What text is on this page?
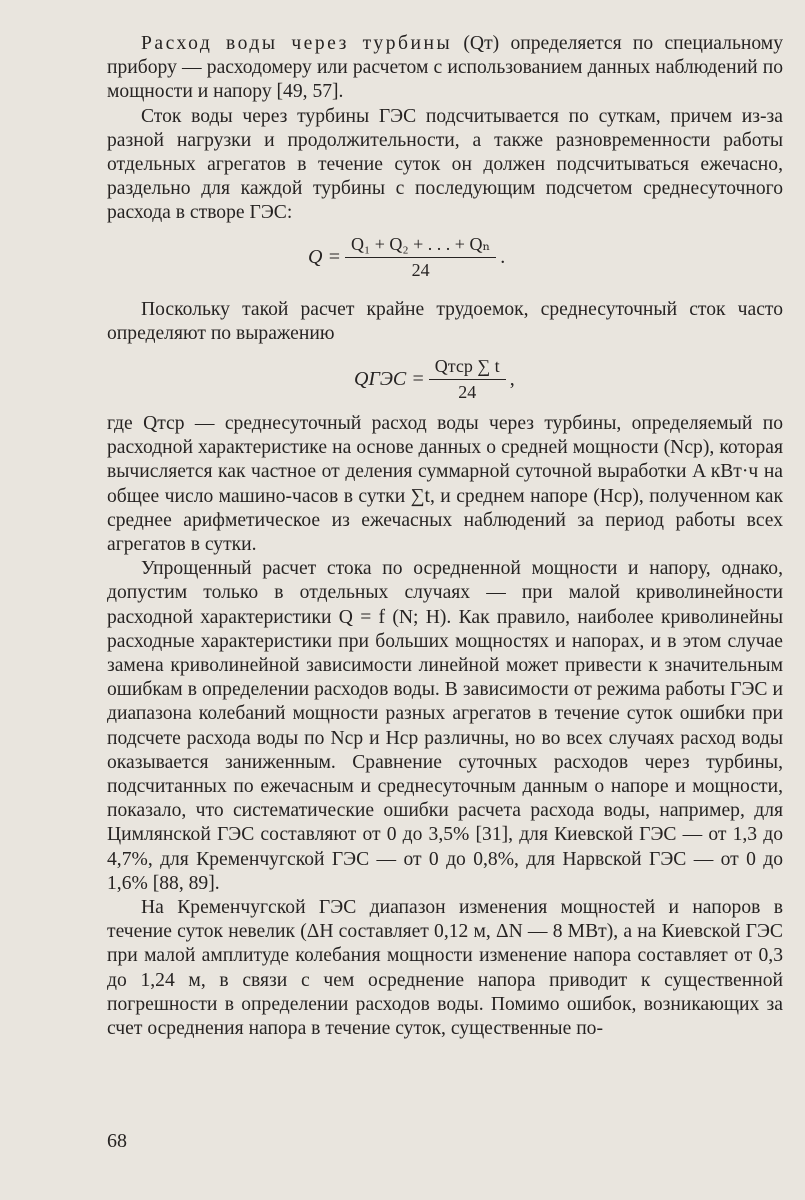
Расход воды через турбины (Qт) определяется по специальному прибору — расходомеру или расчетом с использованием данных наблюдений по мощности и напору [49, 57].

Сток воды через турбины ГЭС подсчитывается по суткам, причем из-за разной нагрузки и продолжительности, а также разновременности работы отдельных агрегатов в течение суток он должен подсчитываться ежечасно, раздельно для каждой турбины с последующим подсчетом среднесуточного расхода в створе ГЭС:

$Q = \frac{\text{Q₁ + Q₂ + . . . + Qₙ}}{24}$ .

Поскольку такой расчет крайне трудоемок, среднесуточный сток часто определяют по выражению

QГЭС = $\frac{\text{Qтср ∑ t}}{24}$ ,

где Qтср — среднесуточный расход воды через турбины, определяемый по расходной характеристике на основе данных о средней мощности (Nср), которая вычисляется как частное от деления суммарной суточной выработки A кВт·ч на общее число машино-часов в сутки ∑t, и среднем напоре (Hср), полученном как среднее арифметическое из ежечасных наблюдений за период работы всех агрегатов в сутки.

Упрощенный расчет стока по осредненной мощности и напору, однако, допустим только в отдельных случаях — при малой криволинейности расходной характеристики Q = f (N; H). Как правило, наиболее криволинейны расходные характеристики при больших мощностях и напорах, и в этом случае замена криволинейной зависимости линейной может привести к значительным ошибкам в определении расходов воды. В зависимости от режима работы ГЭС и диапазона колебаний мощности разных агрегатов в течение суток ошибки при подсчете расхода воды по Nср и Hср различны, но во всех случаях расход воды оказывается заниженным. Сравнение суточных расходов через турбины, подсчитанных по ежечасным и среднесуточным данным о напоре и мощности, показало, что систематические ошибки расчета расхода воды, например, для Цимлянской ГЭС составляют от 0 до 3,5% [31], для Киевской ГЭС — от 1,3 до 4,7%, для Кременчугской ГЭС — от 0 до 0,8%, для Нарвской ГЭС — от 0 до 1,6% [88, 89].

На Кременчугской ГЭС диапазон изменения мощностей и напоров в течение суток невелик (ΔH составляет 0,12 м, ΔN — 8 МВт), а на Киевской ГЭС при малой амплитуде колебания мощности изменение напора составляет от 0,3 до 1,24 м, в связи с чем осреднение напора приводит к существенной погрешности в определении расходов воды. Помимо ошибок, возникающих за счет осреднения напора в течение суток, существенные по-

68
